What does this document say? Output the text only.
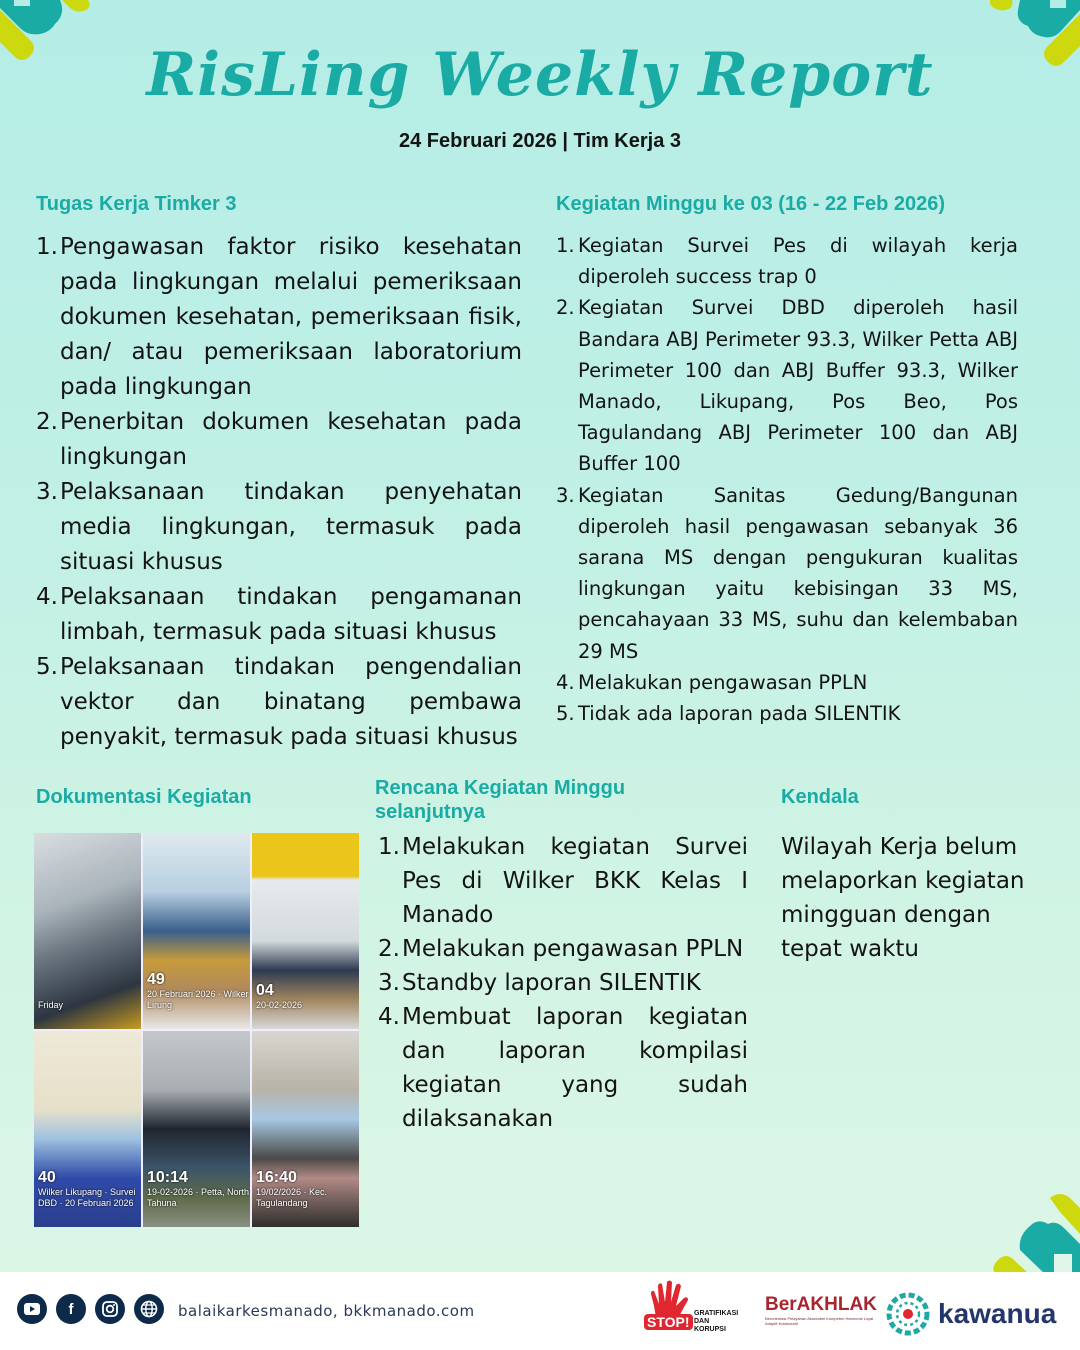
RisLing Weekly Report
24 Februari 2026 | Tim Kerja 3
Tugas Kerja Timker 3
1. Pengawasan faktor risiko kesehatan pada lingkungan melalui pemeriksaan dokumen kesehatan, pemeriksaan fisik, dan/ atau pemeriksaan laboratorium pada lingkungan
2. Penerbitan dokumen kesehatan pada lingkungan
3. Pelaksanaan tindakan penyehatan media lingkungan, termasuk pada situasi khusus
4. Pelaksanaan tindakan pengamanan limbah, termasuk pada situasi khusus
5. Pelaksanaan tindakan pengendalian vektor dan binatang pembawa penyakit, termasuk pada situasi khusus
Kegiatan Minggu ke 03 (16 - 22 Feb 2026)
1. Kegiatan Survei Pes di wilayah kerja diperoleh success trap 0
2. Kegiatan Survei DBD diperoleh hasil Bandara ABJ Perimeter 93.3, Wilker Petta ABJ Perimeter 100 dan ABJ Buffer 93.3, Wilker Manado, Likupang, Pos Beo, Pos Tagulandang ABJ Perimeter 100 dan ABJ Buffer 100
3. Kegiatan Sanitas Gedung/Bangunan diperoleh hasil pengawasan sebanyak 36 sarana MS dengan pengukuran kualitas lingkungan yaitu kebisingan 33 MS, pencahayaan 33 MS, suhu dan kelembaban 29 MS
4. Melakukan pengawasan PPLN
5. Tidak ada laporan pada SILENTIK
Dokumentasi Kegiatan
Friday
49
20 Februari 2026 · Wilker Lirung
04
20-02-2026
40
Wilker Likupang · Survei DBD · 20 Februari 2026
10:14
19-02-2026 · Petta, North Tahuna
16:40
19/02/2026 · Kec. Tagulandang
Rencana Kegiatan Minggu selanjutnya
1. Melakukan kegiatan Survei Pes di Wilker BKK Kelas I Manado
2. Melakukan pengawasan PPLN
3. Standby laporan SILENTIK
4. Membuat laporan kegiatan dan laporan kompilasi kegiatan yang sudah dilaksanakan
Kendala
Wilayah Kerja belum melaporkan kegiatan mingguan dengan tepat waktu
f	balaikarkesmanado, bkkmanado.com
STOP!
GRATIFIKASI
DAN
KORUPSI
BerAKHLAK
Berorientasi Pelayanan Akuntabel Kompeten Harmonis Loyal Adaptif Kolaboratif	kawanua
